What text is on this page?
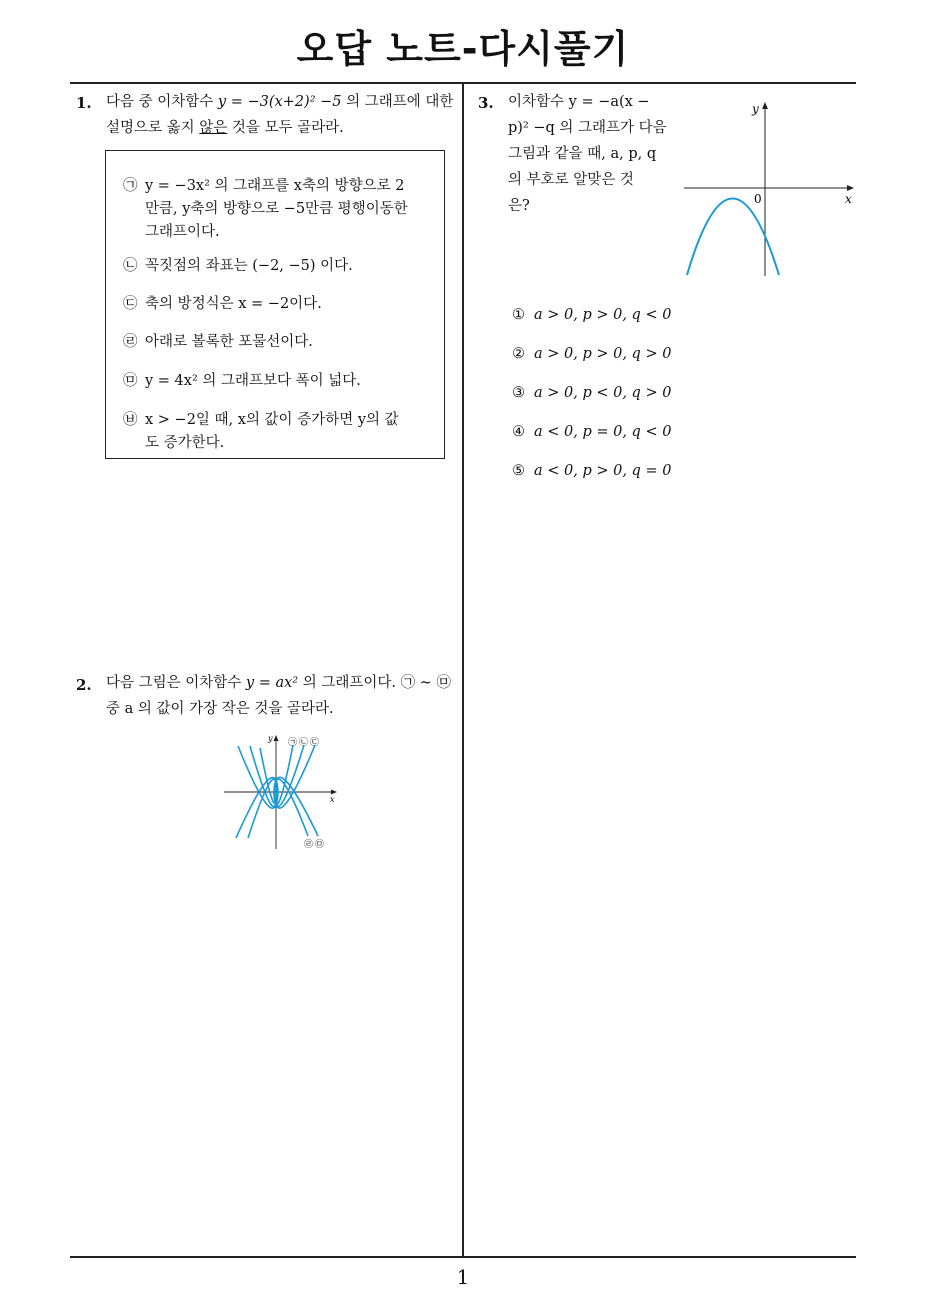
오답 노트-다시풀기
1
1. 다음 중 이차함수 y = −3(x+2)² −5 의 그래프에 대한
설명으로 옳지 않은 것을 모두 골라라.
㉠ y = −3x² 의 그래프를 x축의 방향으로 2
만큼, y축의 방향으로 −5만큼 평행이동한
그래프이다.
㉡ 꼭짓점의 좌표는 (−2, −5) 이다.
㉢ 축의 방정식은 x = −2이다.
㉣ 아래로 볼록한 포물선이다.
㉤ y = 4x² 의 그래프보다 폭이 넓다.
㉥ x > −2일 때, x의 값이 증가하면 y의 값
도 증가한다.
2. 다음 그림은 이차함수 y = ax² 의 그래프이다. ㉠ ~ ㉤
중 a 의 값이 가장 작은 것을 골라라.
x
y ㉠ ㉡ ㉢
㉣ ㉤
3. 이차함수 y = −a(x −
p)² −q 의 그래프가 다음
그림과 같을 때, a, p, q
의 부호로 알맞은 것
은?	x
y
0
① a > 0, p > 0, q < 0
② a > 0, p > 0, q > 0
③ a > 0, p < 0, q > 0
④ a < 0, p = 0, q < 0
⑤ a < 0, p > 0, q = 0
